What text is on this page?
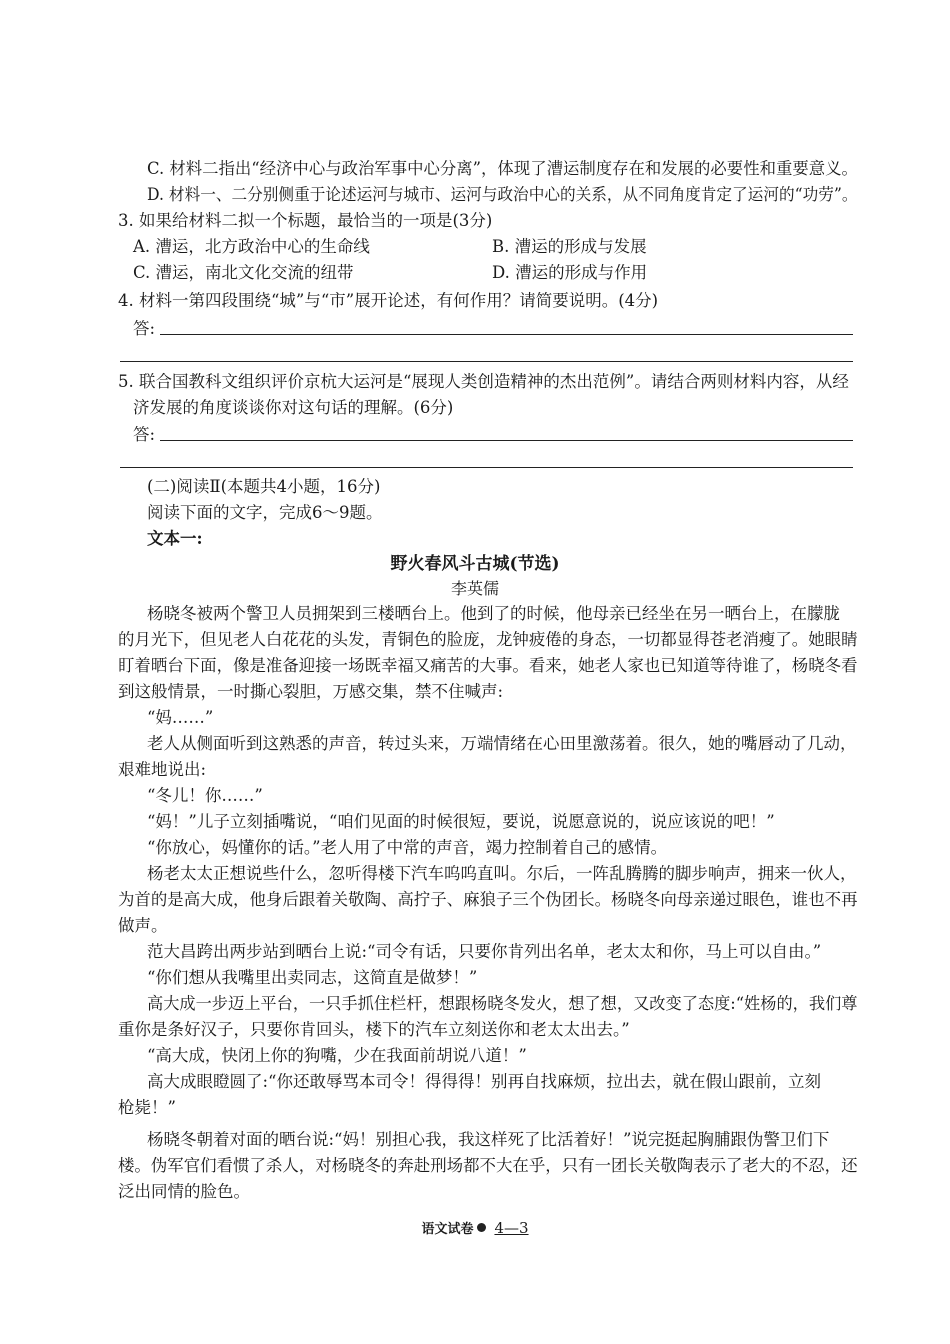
C. 材料二指出“经济中心与政治军事中心分离”，体现了漕运制度存在和发展的必要性和重要意义。
D. 材料一、二分别侧重于论述运河与城市、运河与政治中心的关系，从不同角度肯定了运河的“功劳”。
3. 如果给材料二拟一个标题，最恰当的一项是(3分)
A. 漕运，北方政治中心的生命线	B. 漕运的形成与发展
C. 漕运，南北文化交流的纽带	D. 漕运的形成与作用
4. 材料一第四段围绕“城”与“市”展开论述，有何作用？请简要说明。(4分)
答:
5. 联合国教科文组织评价京杭大运河是“展现人类创造精神的杰出范例”。请结合两则材料内容，从经
济发展的角度谈谈你对这句话的理解。(6分)
答:
(二)阅读Ⅱ(本题共4小题，16分)
阅读下面的文字，完成6～9题。
文本一:
野火春风斗古城(节选)
李英儒
杨晓冬被两个警卫人员拥架到三楼晒台上。他到了的时候，他母亲已经坐在另一晒台上，在朦胧
的月光下，但见老人白花花的头发，青铜色的脸庞，龙钟疲倦的身态，一切都显得苍老消瘦了。她眼睛
盯着晒台下面，像是准备迎接一场既幸福又痛苦的大事。看来，她老人家也已知道等待谁了，杨晓冬看
到这般情景，一时撕心裂胆，万感交集，禁不住喊声:
“妈……”
老人从侧面听到这熟悉的声音，转过头来，万端情绪在心田里激荡着。很久，她的嘴唇动了几动，
艰难地说出:
“冬儿！你……”
“妈！”儿子立刻插嘴说，“咱们见面的时候很短，要说，说愿意说的，说应该说的吧！”
“你放心，妈懂你的话。”老人用了中常的声音，竭力控制着自己的感情。
杨老太太正想说些什么，忽听得楼下汽车呜呜直叫。尔后，一阵乱腾腾的脚步响声，拥来一伙人，
为首的是高大成，他身后跟着关敬陶、高拧子、麻狼子三个伪团长。杨晓冬向母亲递过眼色，谁也不再
做声。
范大昌跨出两步站到晒台上说:“司令有话，只要你肯列出名单，老太太和你，马上可以自由。”
“你们想从我嘴里出卖同志，这简直是做梦！”
高大成一步迈上平台，一只手抓住栏杆，想跟杨晓冬发火，想了想，又改变了态度:“姓杨的，我们尊
重你是条好汉子，只要你肯回头，楼下的汽车立刻送你和老太太出去。”
“高大成，快闭上你的狗嘴，少在我面前胡说八道！”
高大成眼瞪圆了:“你还敢辱骂本司令！得得得！别再自找麻烦，拉出去，就在假山跟前，立刻
枪毙！”
杨晓冬朝着对面的晒台说:“妈！别担心我，我这样死了比活着好！”说完挺起胸脯跟伪警卫们下
楼。伪军官们看惯了杀人，对杨晓冬的奔赴刑场都不大在乎，只有一团长关敬陶表示了老大的不忍，还
泛出同情的脸色。
语文试卷 4—3
